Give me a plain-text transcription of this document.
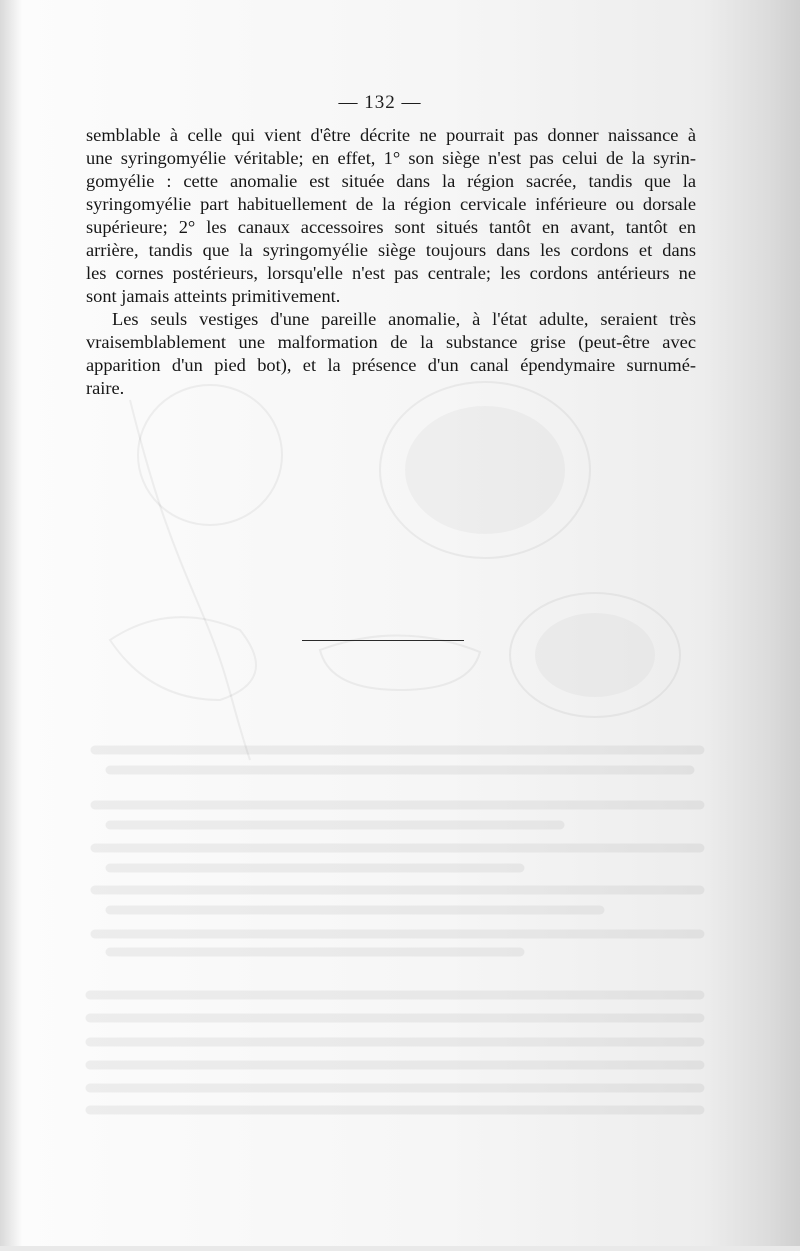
— 132 —

semblable à celle qui vient d'être décrite ne pourrait pas donner naissance à

une syringomyélie véritable; en effet, 1° son siège n'est pas celui de la syrin-

gomyélie : cette anomalie est située dans la région sacrée, tandis que la

syringomyélie part habituellement de la région cervicale inférieure ou dorsale

supérieure; 2° les canaux accessoires sont situés tantôt en avant, tantôt en

arrière, tandis que la syringomyélie siège toujours dans les cordons et dans

les cornes postérieurs, lorsqu'elle n'est pas centrale; les cordons antérieurs ne

sont jamais atteints primitivement.

Les seuls vestiges d'une pareille anomalie, à l'état adulte, seraient très

vraisemblablement une malformation de la substance grise (peut-être avec

apparition d'un pied bot), et la présence d'un canal épendymaire surnumé-

raire.
